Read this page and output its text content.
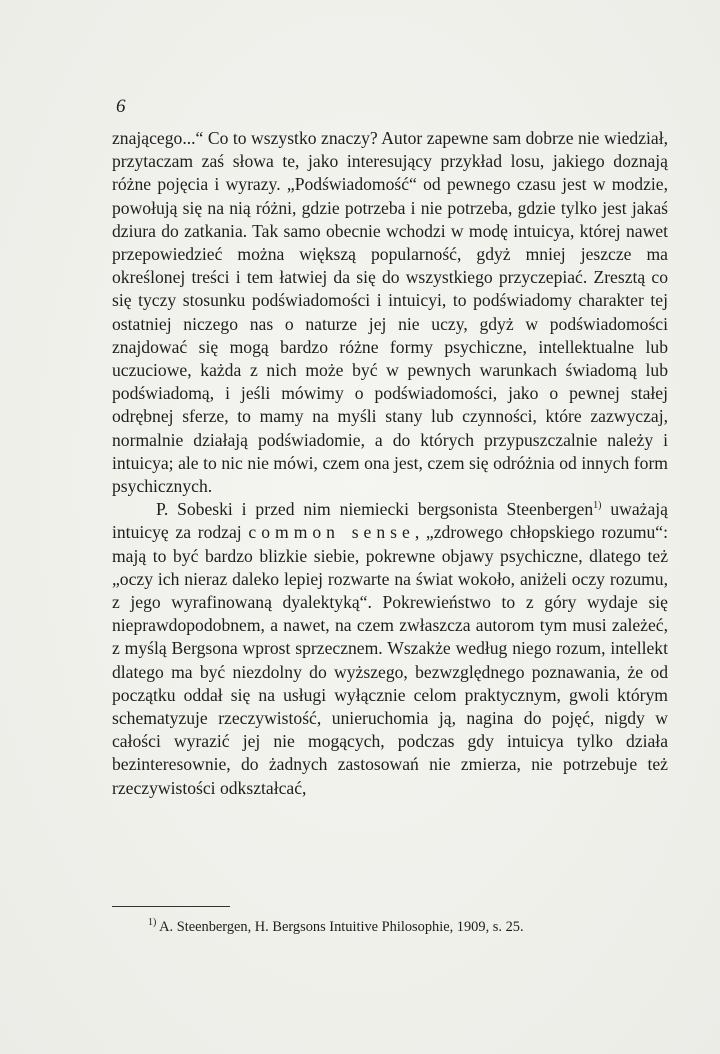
6

znającego...“ Co to wszystko znaczy? Autor zapewne sam dobrze nie wiedział, przytaczam zaś słowa te, jako interesujący przykład losu, jakiego doznają różne pojęcia i wyrazy. „Podświadomość“ od pewnego czasu jest w modzie, powołują się na nią różni, gdzie potrzeba i nie potrzeba, gdzie tylko jest jakaś dziura do zatkania. Tak samo obecnie wchodzi w modę intuicya, której nawet przepowiedzieć można większą popularność, gdyż mniej jeszcze ma określonej treści i tem łatwiej da się do wszystkiego przyczepiać. Zresztą co się tyczy stosunku podświadomości i intuicyi, to podświadomy charakter tej ostatniej niczego nas o naturze jej nie uczy, gdyż w podświadomości znajdować się mogą bardzo różne formy psychiczne, intellektualne lub uczuciowe, każda z nich może być w pewnych warunkach świadomą lub podświadomą, i jeśli mówimy o podświadomości, jako o pewnej stałej odrębnej sferze, to mamy na myśli stany lub czynności, które zazwyczaj, normalnie działają podświadomie, a do których przypuszczalnie należy i intuicya; ale to nic nie mówi, czem ona jest, czem się odróżnia od innych form psychicznych.

P. Sobeski i przed nim niemiecki bergsonista Steenbergen$^{1)}$ uważają intuicyę za rodzaj common sense, „zdrowego chłopskiego rozumu“: mają to być bardzo blizkie siebie, pokrewne objawy psychiczne, dlatego też „oczy ich nieraz daleko lepiej rozwarte na świat wokoło, aniżeli oczy rozumu, z jego wyrafinowaną dyalektyką“. Pokrewieństwo to z góry wydaje się nieprawdopodobnem, a nawet, na czem zwłaszcza autorom tym musi zależeć, z myślą Bergsona wprost sprzecznem. Wszakże według niego rozum, intellekt dlatego ma być niezdolny do wyższego, bezwzględnego poznawania, że od początku oddał się na usługi wyłącznie celom praktycznym, gwoli którym schematyzuje rzeczywistość, unieruchomia ją, nagina do pojęć, nigdy w całości wyrazić jej nie mogących, podczas gdy intuicya tylko działa bezinteresownie, do żadnych zastosowań nie zmierza, nie potrzebuje też rzeczywistości odkształcać,

$^{1)}$ A. Steenbergen, H. Bergsons Intuitive Philosophie, 1909, s. 25.
